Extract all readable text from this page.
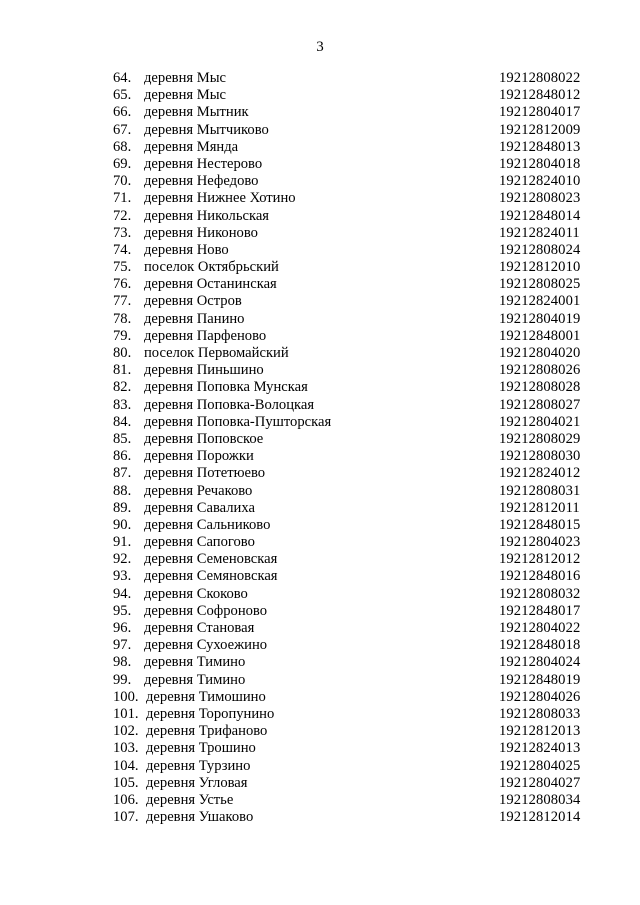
3
64. деревня Мыс	19212808022
65. деревня Мыс	19212848012
66. деревня Мытник	19212804017
67. деревня Мытчиково	19212812009
68. деревня Мянда	19212848013
69. деревня Нестерово	19212804018
70. деревня Нефедово	19212824010
71. деревня Нижнее Хотино	19212808023
72. деревня Никольская	19212848014
73. деревня Никоново	19212824011
74. деревня Ново	19212808024
75. поселок Октябрьский	19212812010
76. деревня Останинская	19212808025
77. деревня Остров	19212824001
78. деревня Панино	19212804019
79. деревня Парфеново	19212848001
80. поселок Первомайский	19212804020
81. деревня Пиньшино	19212808026
82. деревня Поповка Мунская	19212808028
83. деревня Поповка-Волоцкая	19212808027
84. деревня Поповка-Пушторская	19212804021
85. деревня Поповское	19212808029
86. деревня Порожки	19212808030
87. деревня Потетюево	19212824012
88. деревня Речаково	19212808031
89. деревня Савалиха	19212812011
90. деревня Сальниково	19212848015
91. деревня Сапогово	19212804023
92. деревня Семеновская	19212812012
93. деревня Семяновская	19212848016
94. деревня Скоково	19212808032
95. деревня Софроново	19212848017
96. деревня Становая	19212804022
97. деревня Сухоежино	19212848018
98. деревня Тимино	19212804024
99. деревня Тимино	19212848019
100. деревня Тимошино	19212804026
101. деревня Торопунино	19212808033
102. деревня Трифаново	19212812013
103. деревня Трошино	19212824013
104. деревня Турзино	19212804025
105. деревня Угловая	19212804027
106. деревня Устье	19212808034
107. деревня Ушаково	19212812014
